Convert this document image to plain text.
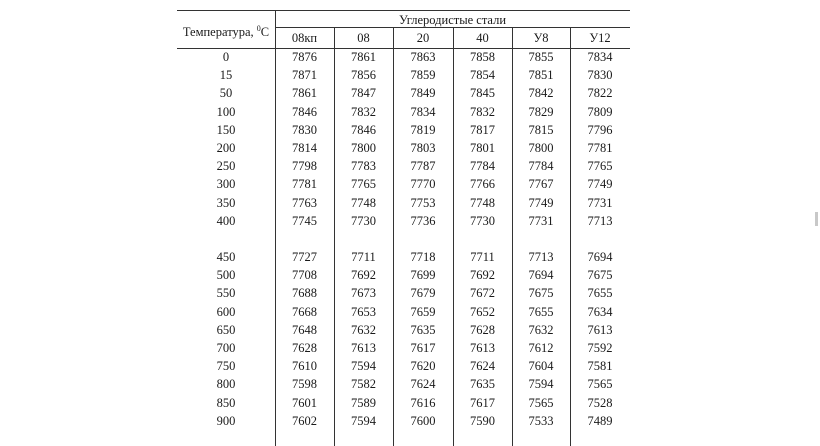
Температура, $^0$С
Углеродистые стали
08кп	08	20	40	У8	У12
0	7876	7861	7863	7858	7855	7834
15	7871	7856	7859	7854	7851	7830
50	7861	7847	7849	7845	7842	7822
100	7846	7832	7834	7832	7829	7809
150	7830	7846	7819	7817	7815	7796
200	7814	7800	7803	7801	7800	7781
250	7798	7783	7787	7784	7784	7765
300	7781	7765	7770	7766	7767	7749
350	7763	7748	7753	7748	7749	7731
400	7745	7730	7736	7730	7731	7713
450	7727	7711	7718	7711	7713	7694
500	7708	7692	7699	7692	7694	7675
550	7688	7673	7679	7672	7675	7655
600	7668	7653	7659	7652	7655	7634
650	7648	7632	7635	7628	7632	7613
700	7628	7613	7617	7613	7612	7592
750	7610	7594	7620	7624	7604	7581
800	7598	7582	7624	7635	7594	7565
850	7601	7589	7616	7617	7565	7528
900	7602	7594	7600	7590	7533	7489
